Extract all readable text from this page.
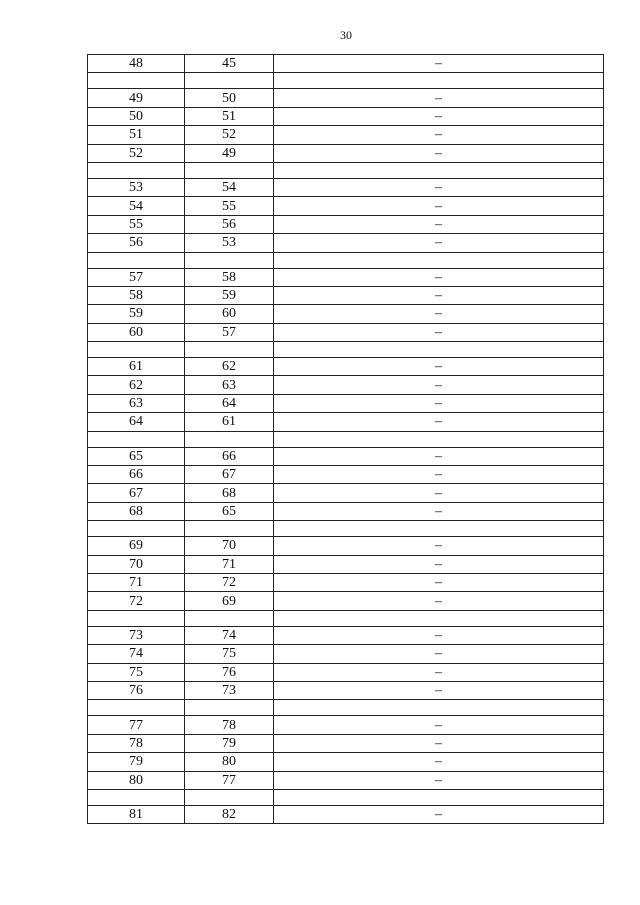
30
48	45	–

49	50	–
50	51	–
51	52	–
52	49	–

53	54	–
54	55	–
55	56	–
56	53	–

57	58	–
58	59	–
59	60	–
60	57	–

61	62	–
62	63	–
63	64	–
64	61	–

65	66	–
66	67	–
67	68	–
68	65	–

69	70	–
70	71	–
71	72	–
72	69	–

73	74	–
74	75	–
75	76	–
76	73	–

77	78	–
78	79	–
79	80	–
80	77	–

81	82	–
